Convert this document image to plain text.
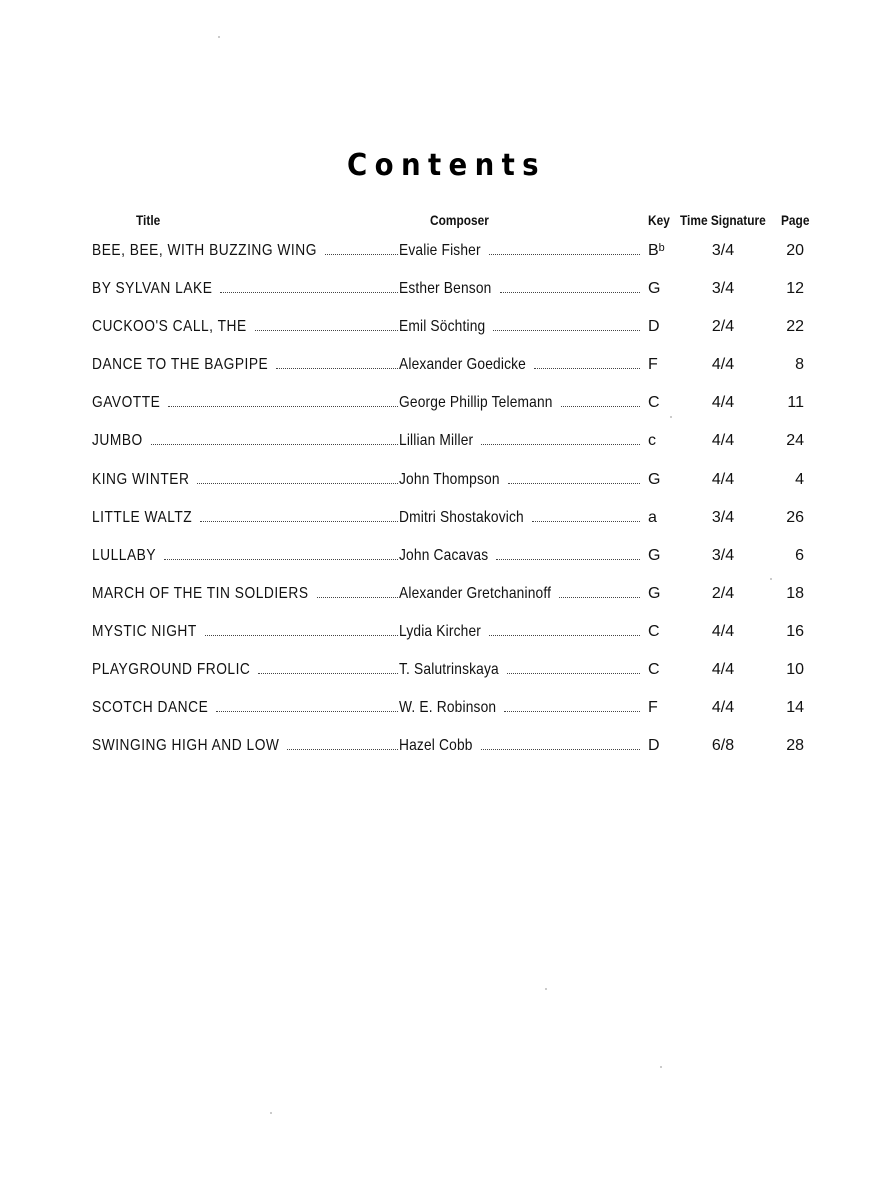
Contents
Title	Composer	Key Time Signature Page
BEE, BEE, WITH BUZZING WING	Evalie Fisher	Bᵇ	3/4	20
BY SYLVAN LAKE	Esther Benson	G	3/4	12
CUCKOO'S CALL, THE	Emil Söchting	D	2/4	22
DANCE TO THE BAGPIPE	Alexander Goedicke	F	4/4	8
GAVOTTE	George Phillip Telemann	C	4/4	11
JUMBO	Lillian Miller	c	4/4	24
KING WINTER	John Thompson	G	4/4	4
LITTLE WALTZ	Dmitri Shostakovich	a	3/4	26
LULLABY	John Cacavas	G	3/4	6
MARCH OF THE TIN SOLDIERS	Alexander Gretchaninoff	G	2/4	18
MYSTIC NIGHT	Lydia Kircher	C	4/4	16
PLAYGROUND FROLIC	T. Salutrinskaya	C	4/4	10
SCOTCH DANCE	W. E. Robinson	F	4/4	14
SWINGING HIGH AND LOW	Hazel Cobb	D	6/8	28
